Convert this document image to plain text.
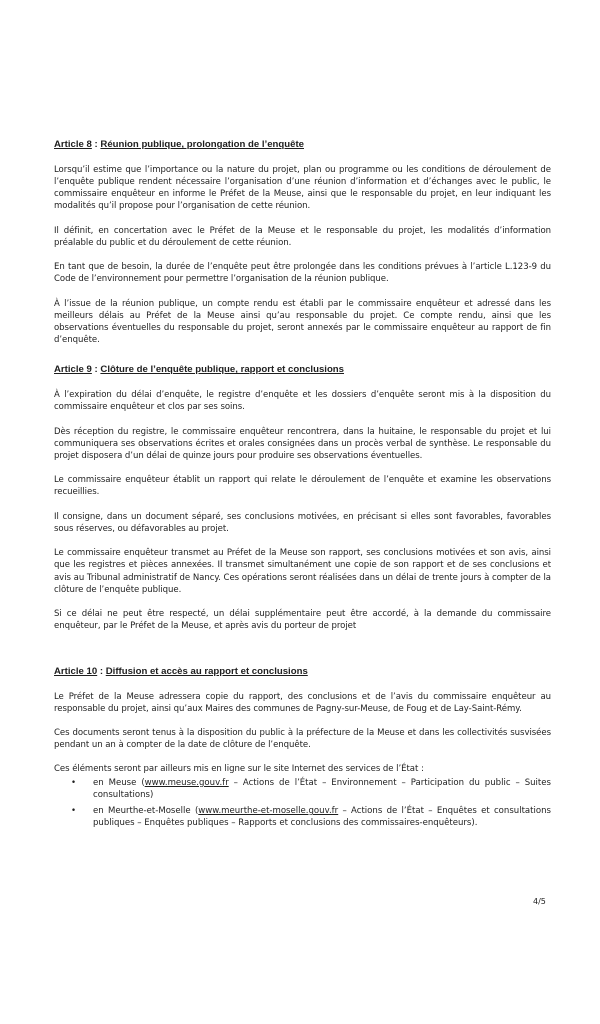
Article 8 : Réunion publique, prolongation de l’enquête

Lorsqu’il estime que l’importance ou la nature du projet, plan ou programme ou les conditions de déroulement de l’enquête publique rendent nécessaire l’organisation d’une réunion d’information et d’échanges avec le public, le commissaire enquêteur en informe le Préfet de la Meuse, ainsi que le responsable du projet, en leur indiquant les modalités qu’il propose pour l’organisation de cette réunion.

Il définit, en concertation avec le Préfet de la Meuse et le responsable du projet, les modalités d’information préalable du public et du déroulement de cette réunion.

En tant que de besoin, la durée de l’enquête peut être prolongée dans les conditions prévues à l’article L.123-9 du Code de l’environnement pour permettre l’organisation de la réunion publique.

À l’issue de la réunion publique, un compte rendu est établi par le commissaire enquêteur et adressé dans les meilleurs délais au Préfet de la Meuse ainsi qu’au responsable du projet. Ce compte rendu, ainsi que les observations éventuelles du responsable du projet, seront annexés par le commissaire enquêteur au rapport de fin d’enquête.

Article 9 : Clôture de l’enquête publique, rapport et conclusions

À l’expiration du délai d’enquête, le registre d’enquête et les dossiers d’enquête seront mis à la disposition du commissaire enquêteur et clos par ses soins.

Dès réception du registre, le commissaire enquêteur rencontrera, dans la huitaine, le responsable du projet et lui communiquera ses observations écrites et orales consignées dans un procès verbal de synthèse. Le responsable du projet disposera d’un délai de quinze jours pour produire ses observations éventuelles.

Le commissaire enquêteur établit un rapport qui relate le déroulement de l’enquête et examine les observations recueillies.

Il consigne, dans un document séparé, ses conclusions motivées, en précisant si elles sont favorables, favorables sous réserves, ou défavorables au projet.

Le commissaire enquêteur transmet au Préfet de la Meuse son rapport, ses conclusions motivées et son avis, ainsi que les registres et pièces annexées. Il transmet simultanément une copie de son rapport et de ses conclusions et avis au Tribunal administratif de Nancy. Ces opérations seront réalisées dans un délai de trente jours à compter de la clôture de l’enquête publique.

Si ce délai ne peut être respecté, un délai supplémentaire peut être accordé, à la demande du commissaire enquêteur, par le Préfet de la Meuse, et après avis du porteur de projet

Article 10 : Diffusion et accès au rapport et conclusions

Le Préfet de la Meuse adressera copie du rapport, des conclusions et de l’avis du commissaire enquêteur au responsable du projet, ainsi qu’aux Maires des communes de Pagny-sur-Meuse, de Foug et de Lay-Saint-Rémy.

Ces documents seront tenus à la disposition du public à la préfecture de la Meuse et dans les collectivités susvisées pendant un an à compter de la date de clôture de l’enquête.

Ces éléments seront par ailleurs mis en ligne sur le site Internet des services de l’État :

• en Meuse (www.meuse.gouv.fr – Actions de l’État – Environnement – Participation du public – Suites consultations)
• en Meurthe-et-Moselle (www.meurthe-et-moselle.gouv.fr – Actions de l’État – Enquêtes et consultations publiques – Enquêtes publiques – Rapports et conclusions des commissaires-enquêteurs).
4/5
